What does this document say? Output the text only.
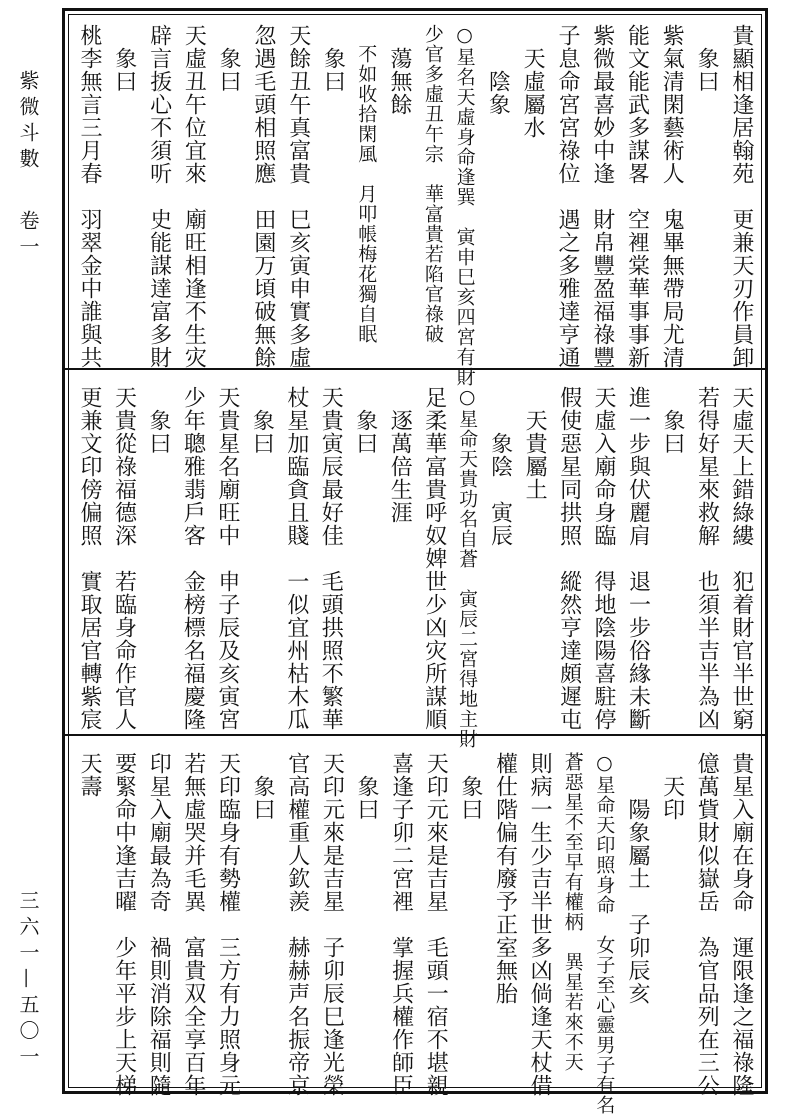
紫微斗數 卷一
三六一—五〇一
貴顯相逢居翰苑　更兼天刃作員卸
　象曰
紫氣清閑藝術人　鬼畢無帶局尤清
能文能武多謀畧　空裡棠華事事新
紫微最喜妙中逢　財帛豐盈福祿豐
子息命宮宮祿位　遇之多雅達亨通
　天虛屬水
　　陰象
○星名天虛身命逢巽　寅申巳亥四宮有財
少官多虛丑午宗　華富貴若陷官祿破
　蕩無餘
　不如收拾閑風　月叩帳梅花獨自眠
　象曰
天餘丑午真富貴　巳亥寅申實多虛
忽遇毛頭相照應　田園万頃破無餘
　象曰
天虛丑午位宜來　廟旺相逢不生灾
辟言㧞心不須听　史能謀達富多財
　象曰
桃李無言三月春　羽翠金中誰與共
天虛天上錯綠縷　犯着財官半世窮
若得好星來救解　也須半吉半為凶
　象曰
進一步與伏麗肩　退一步俗緣未斷
天虛入廟命身臨　得地陰陽喜駐停
假使惡星同拱照　縱然亨達頗遲屯
　天貴屬土
　　象陰　寅辰
○星命天貴功名自蒼　寅辰二宮得地主財
足柔華富貴呼奴婢世少凶灾所謀順
　逐萬倍生涯
　象曰
天貴寅辰最好佳　毛頭拱照不繁華
杖星加臨貪且賤　一似宜州枯木瓜
　象曰
天貴星名廟旺中　申子辰及亥寅宮
少年聰雅翡戶客　金榜標名福慶隆
　象曰
天貴從祿福德深　若臨身命作官人
更兼文印傍偏照　實取居官轉紫宸
貴星入廟在身命　運限逢之福祿隆
億萬貲財似嶽岳　為官品列在三公
　天印
　　陽象屬土　子卯辰亥
○星命天印照身命　女子至心靈男子有名
蒼惡星不至早有權柄　異星若來不天
則病一生少吉半世多凶倘逢天杖借
權仕階偏有廢予正室無胎
　象曰
天印元來是吉星　毛頭一宿不堪親
喜逢子卯二宮裡　掌握兵權作師臣
　象曰
天印元來是吉星　子卯辰巳逢光榮
官高權重人欽羨　赫赫声名振帝京
　象曰
天印臨身有勢權　三方有力照身元
若無虛哭并毛異　富貴双全享百年
印星入廟最為奇　禍則消除福則隨
要緊命中逢吉曜　少年平步上天梯
天壽
